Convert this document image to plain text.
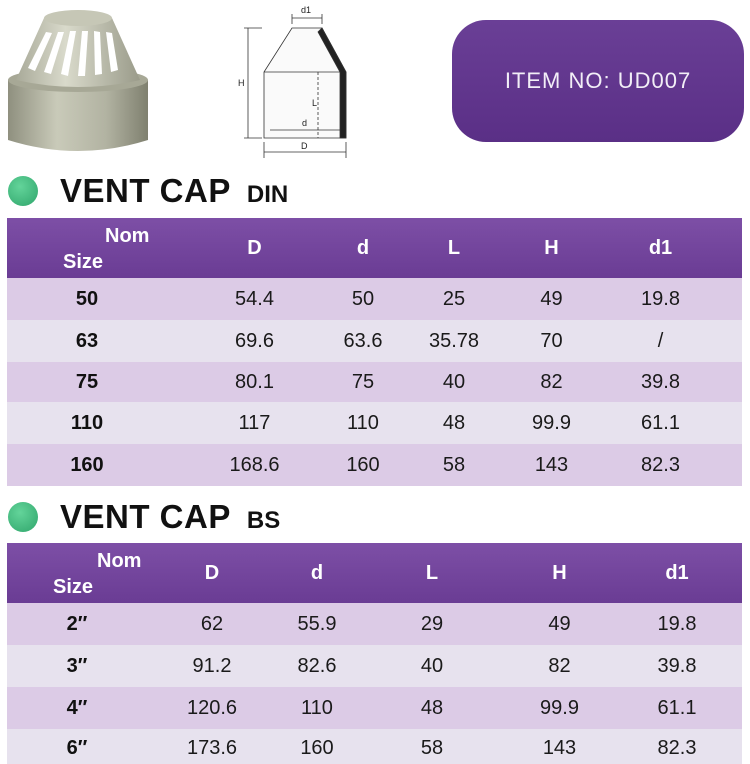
d1
H
L
d
D
ITEM NO: UD007
VENT CAP DIN
Nom
Size
D	d	L	H	d1
50	54.4	50	25	49	19.8
63	69.6	63.6	35.78	70	/
75	80.1	75	40	82	39.8
110	117	110	48	99.9	61.1
160	168.6	160	58	143	82.3
VENT CAP BS
Nom
Size
D	d	L	H	d1
2″	62	55.9	29	49	19.8
3″	91.2	82.6	40	82	39.8
4″	120.6	110	48	99.9	61.1
6″	173.6	160	58	143	82.3
